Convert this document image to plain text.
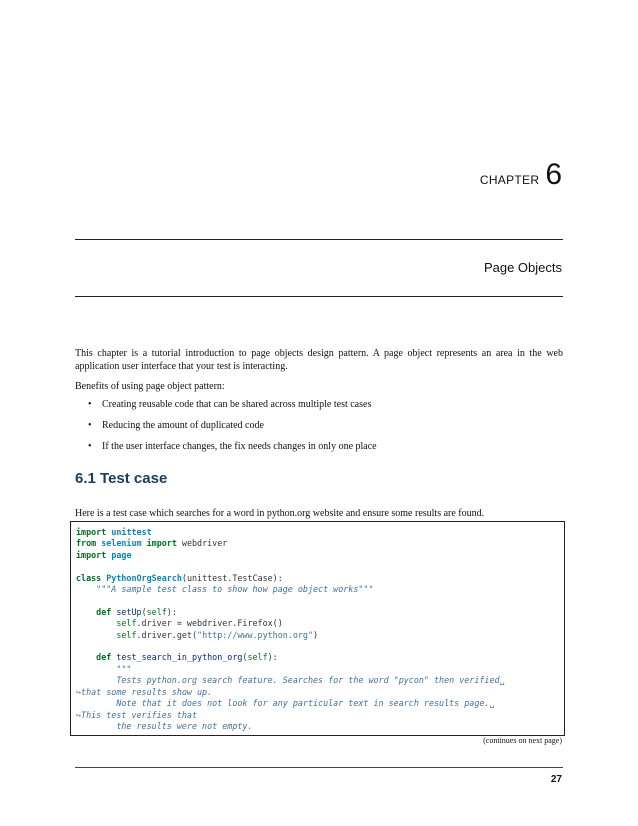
CHAPTER 6
Page Objects

This chapter is a tutorial introduction to page objects design pattern. A page object represents an area in the web application user interface that your test is interacting.

Benefits of using page object pattern:

•	Creating reusable code that can be shared across multiple test cases
•	Reducing the amount of duplicated code
•	If the user interface changes, the fix needs changes in only one place
6.1 Test case

Here is a test case which searches for a word in python.org website and ensure some results are found.

import unittest
from selenium import webdriver
import page

class PythonOrgSearch(unittest.TestCase):
"""A sample test class to show how page object works"""

def setUp(self):
self.driver = webdriver.Firefox()
self.driver.get("http://www.python.org")

def test_search_in_python_org(self):
"""
Tests python.org search feature. Searches for the word "pycon" then verified␣
↪that some results show up.
Note that it does not look for any particular text in search results page.␣
↪This test verifies that
the results were not empty.
(continues on next page)
27
